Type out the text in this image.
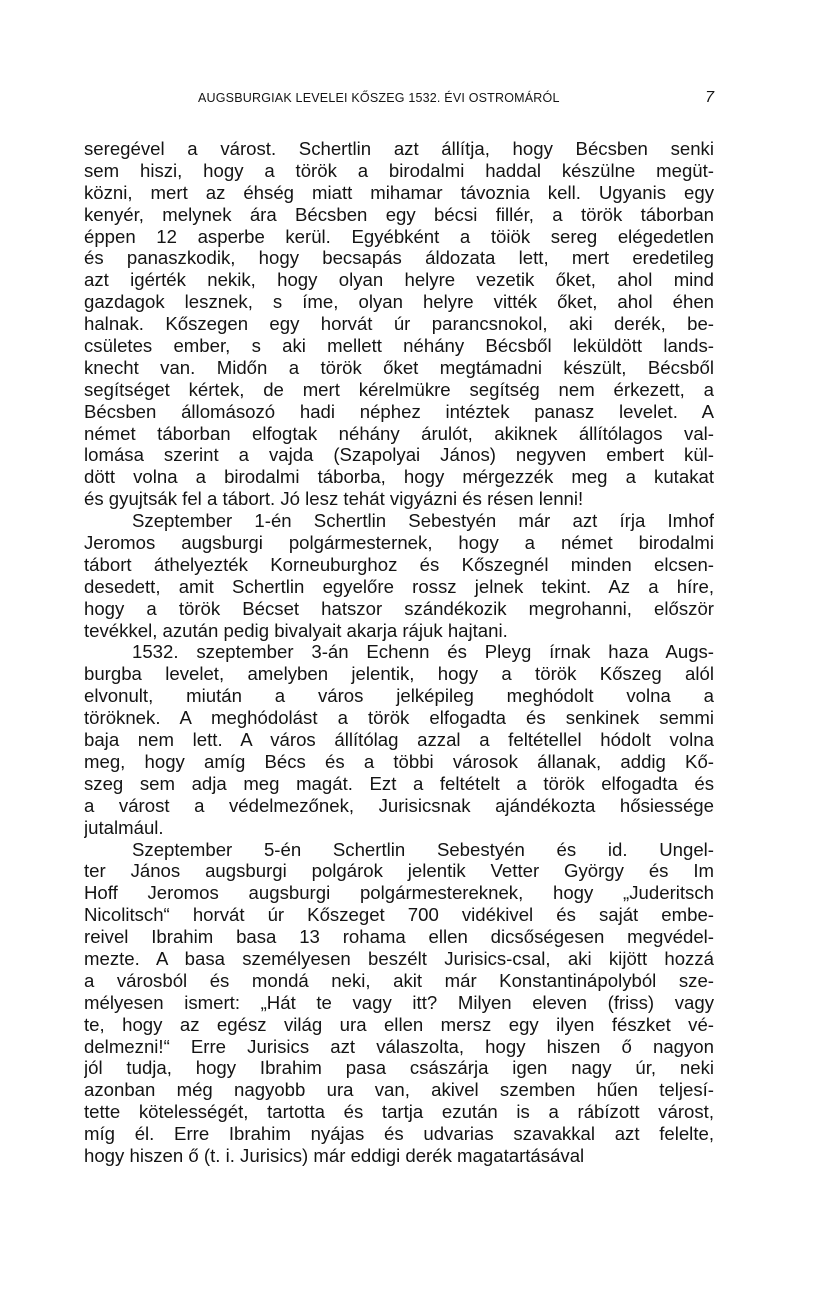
AUGSBURGIAK LEVELEI KŐSZEG 1532. ÉVI OSTROMÁRÓL	7
seregével a várost. Schertlin azt állítja, hogy Bécsben senki
sem hiszi, hogy a török a birodalmi haddal készülne megüt-
közni, mert az éhség miatt mihamar távoznia kell. Ugyanis egy
kenyér, melynek ára Bécsben egy bécsi fillér, a török táborban
éppen 12 asperbe kerül. Egyébként a töiök sereg elégedetlen
és panaszkodik, hogy becsapás áldozata lett, mert eredetileg
azt igérték nekik, hogy olyan helyre vezetik őket, ahol mind
gazdagok lesznek, s íme, olyan helyre vitték őket, ahol éhen
halnak. Kőszegen egy horvát úr parancsnokol, aki derék, be-
csületes ember, s aki mellett néhány Bécsből leküldött lands-
knecht van. Midőn a török őket megtámadni készült, Bécsből
segítséget kértek, de mert kérelmükre segítség nem érkezett, a
Bécsben állomásozó hadi néphez intéztek panasz levelet. A
német táborban elfogtak néhány árulót, akiknek állítólagos val-
lomása szerint a vajda (Szapolyai János) negyven embert kül-
dött volna a birodalmi táborba, hogy mérgezzék meg a kutakat
és gyujtsák fel a tábort. Jó lesz tehát vigyázni és résen lenni!
Szeptember 1-én Schertlin Sebestyén már azt írja Imhof
Jeromos augsburgi polgármesternek, hogy a német birodalmi
tábort áthelyezték Korneuburghoz és Kőszegnél minden elcsen-
desedett, amit Schertlin egyelőre rossz jelnek tekint. Az a híre,
hogy a török Bécset hatszor szándékozik megrohanni, először
tevékkel, azután pedig bivalyait akarja rájuk hajtani.
1532. szeptember 3-án Echenn és Pleyg írnak haza Augs-
burgba levelet, amelyben jelentik, hogy a török Kőszeg alól
elvonult, miután a város jelképileg meghódolt volna a
töröknek. A meghódolást a török elfogadta és senkinek semmi
baja nem lett. A város állítólag azzal a feltétellel hódolt volna
meg, hogy amíg Bécs és a többi városok állanak, addig Kő-
szeg sem adja meg magát. Ezt a feltételt a török elfogadta és
a várost a védelmezőnek, Jurisicsnak ajándékozta hősiessége
jutalmául.
Szeptember 5-én Schertlin Sebestyén és id. Ungel-
ter János augsburgi polgárok jelentik Vetter György és Im
Hoff Jeromos augsburgi polgármestereknek, hogy „Juderitsch
Nicolitsch“ horvát úr Kőszeget 700 vidékivel és saját embe-
reivel Ibrahim basa 13 rohama ellen dicsőségesen megvédel-
mezte. A basa személyesen beszélt Jurisics-csal, aki kijött hozzá
a városból és mondá neki, akit már Konstantinápolyból sze-
mélyesen ismert: „Hát te vagy itt? Milyen eleven (friss) vagy
te, hogy az egész világ ura ellen mersz egy ilyen fészket vé-
delmezni!“ Erre Jurisics azt válaszolta, hogy hiszen ő nagyon
jól tudja, hogy Ibrahim pasa császárja igen nagy úr, neki
azonban még nagyobb ura van, akivel szemben hűen teljesí-
tette kötelességét, tartotta és tartja ezután is a rábízott várost,
míg él. Erre Ibrahim nyájas és udvarias szavakkal azt felelte,
hogy hiszen ő (t. i. Jurisics) már eddigi derék magatartásával
